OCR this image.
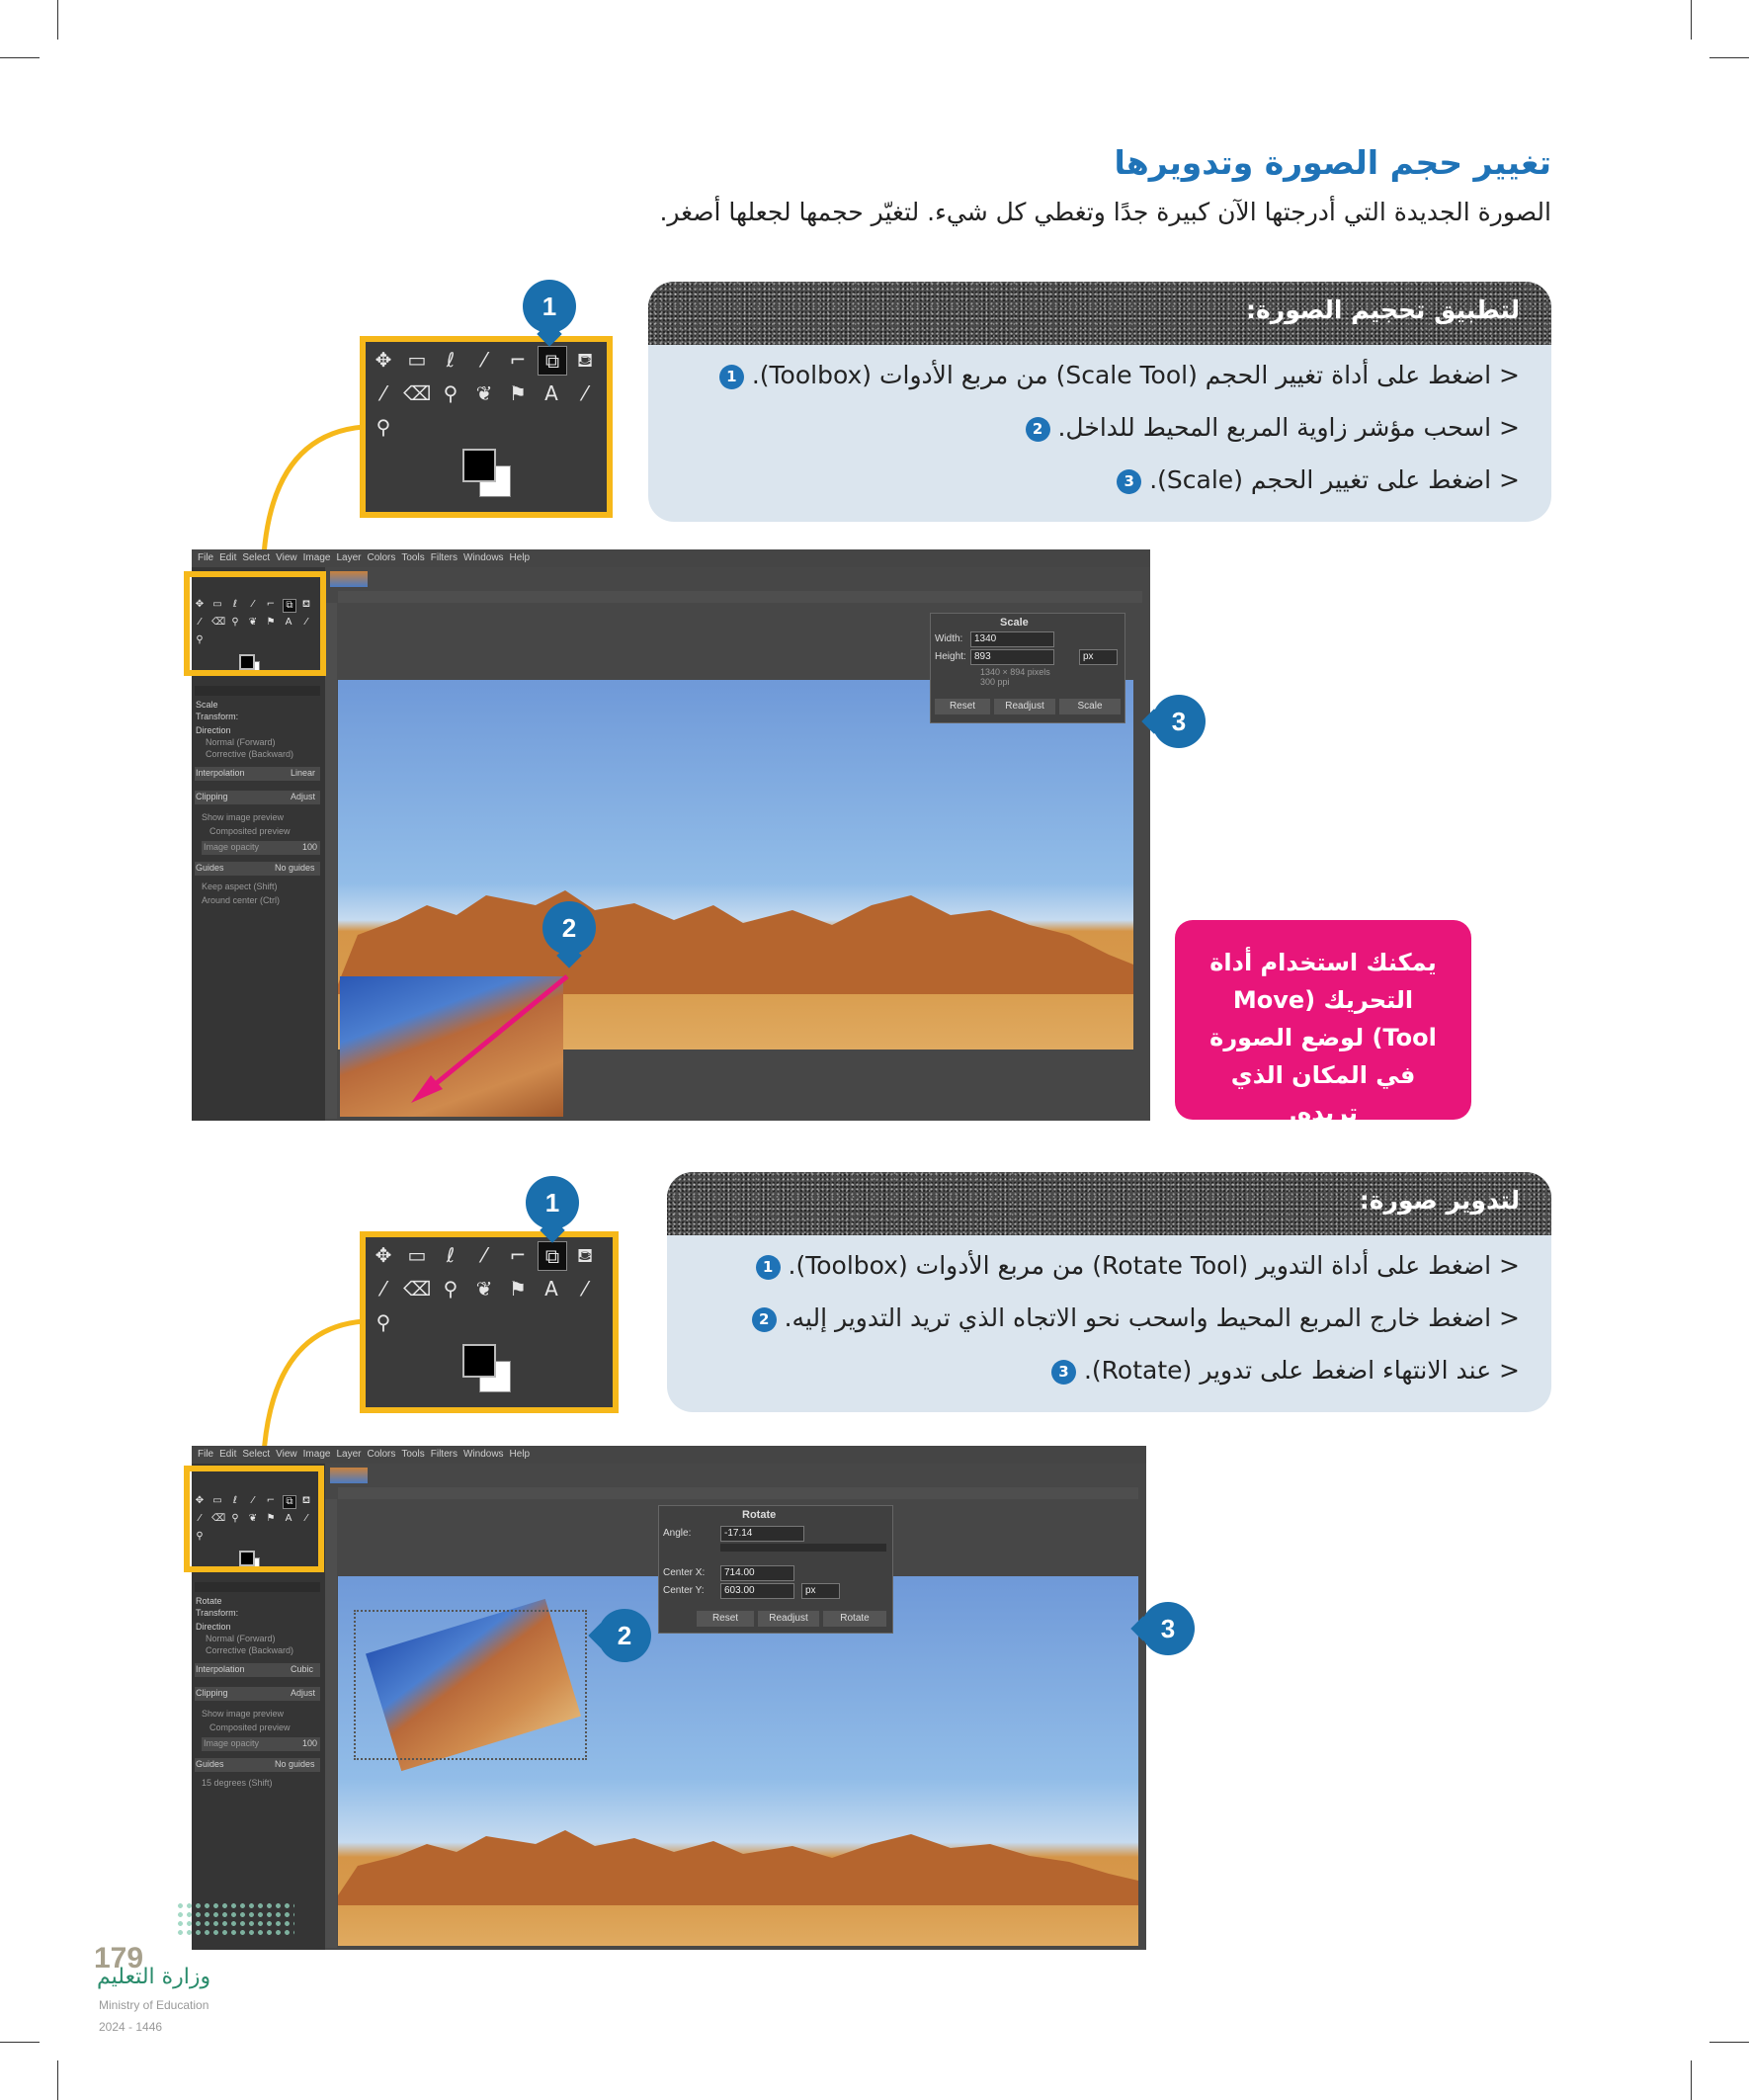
تغيير حجم الصورة وتدويرها
الصورة الجديدة التي أدرجتها الآن كبيرة جدًا وتغطي كل شيء. لتغيّر حجمها لجعلها أصغر.
لتطبيق تحجيم الصورة:
< اضغط على أداة تغيير الحجم (Scale Tool) من مربع الأدوات (Toolbox). 1
< اسحب مؤشر زاوية المربع المحيط للداخل. 2
< اضغط على تغيير الحجم (Scale). 3
✥ ▭	ℓ	⁄	⌐ ⧉ ⛾
⁄ ⌫ ⚲ ❦ ⚑ A	⁄
⚲
1
File Edit Select View Image Layer Colors Tools Filters Windows Help
✥ ▭	ℓ	⁄	⌐	⧉ ⛾
⁄	⌫ ⚲ ❦ ⚑ A	⁄
⚲
Scale
Transform:
Direction
Normal (Forward)
Corrective (Backward)
Interpolation	Linear
Clipping	Adjust
Show image preview
Composited preview
Image opacity	100
Guides	No guides
Keep aspect (Shift)
Around center (Ctrl)
Scale
Width:	1340
Height: 893	px
1340 × 894 pixels
300 ppi
Reset	Readjust	Scale
2
3
يمكنك استخدام أداة التحريك (Move Tool) لوضع الصورة في المكان الذي تريده.
لتدوير صورة:
< اضغط على أداة التدوير (Rotate Tool) من مربع الأدوات (Toolbox). 1
< اضغط خارج المربع المحيط واسحب نحو الاتجاه الذي تريد التدوير إليه. 2
< عند الانتهاء اضغط على تدوير (Rotate). 3
✥ ▭	ℓ	⁄	⌐ ⧉ ⛾
⁄ ⌫ ⚲ ❦ ⚑ A	⁄
⚲
1
File Edit Select View Image Layer Colors Tools Filters Windows Help
✥ ▭	ℓ	⁄	⌐	⧉ ⛾
⁄	⌫ ⚲ ❦ ⚑ A	⁄
⚲
Rotate
Transform:
Direction
Normal (Forward)
Corrective (Backward)
Interpolation	Cubic
Clipping	Adjust
Show image preview
Composited preview
Image opacity	100
Guides	No guides
15 degrees (Shift)
Rotate
Angle:	-17.14
Center X:	714.00
Center Y:	603.00	px
Reset	Readjust	Rotate
2	3
179
وزارة التعليم
Ministry of Education
2024 - 1446
